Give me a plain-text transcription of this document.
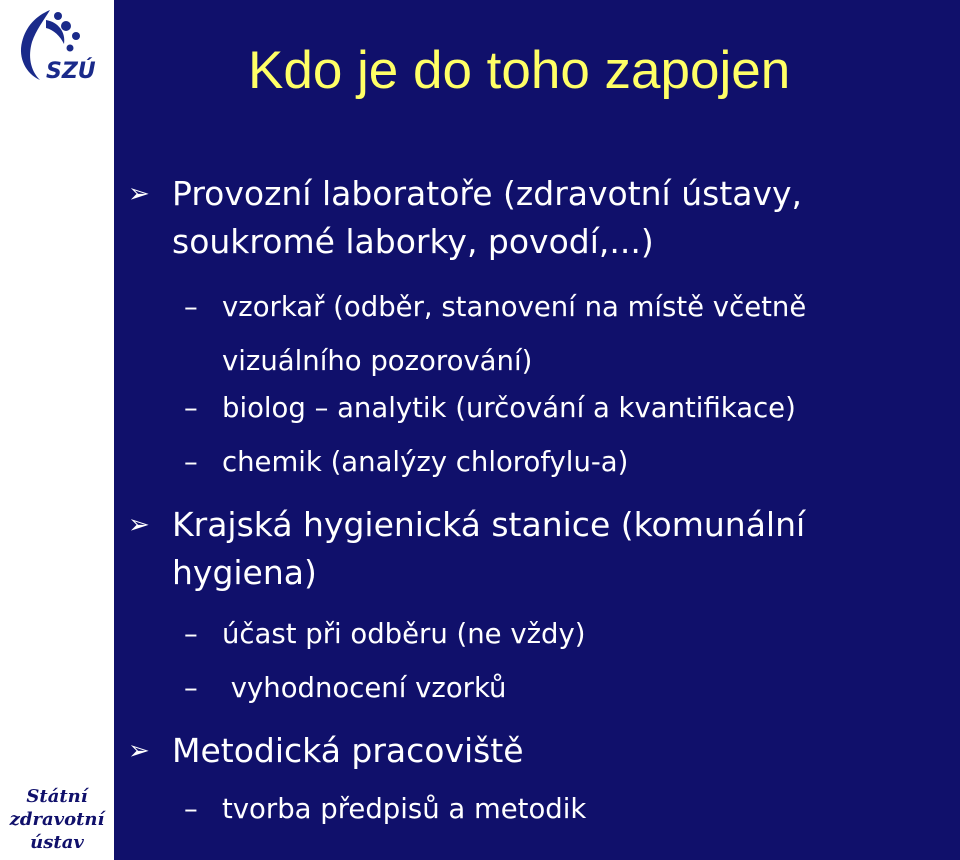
SZÚ
Státní
zdravotní
ústav
Kdo je do toho zapojen
➢ Provozní laboratoře (zdravotní ústavy,
soukromé laborky, povodí,...)
– vzorkař (odběr, stanovení na místě včetně
vizuálního pozorování)
– biolog – analytik (určování a kvantifikace)
– chemik (analýzy chlorofylu-a)
➢ Krajská hygienická stanice (komunální
hygiena)
– účast při odběru (ne vždy)
– vyhodnocení vzorků
➢ Metodická pracoviště
– tvorba předpisů a metodik
